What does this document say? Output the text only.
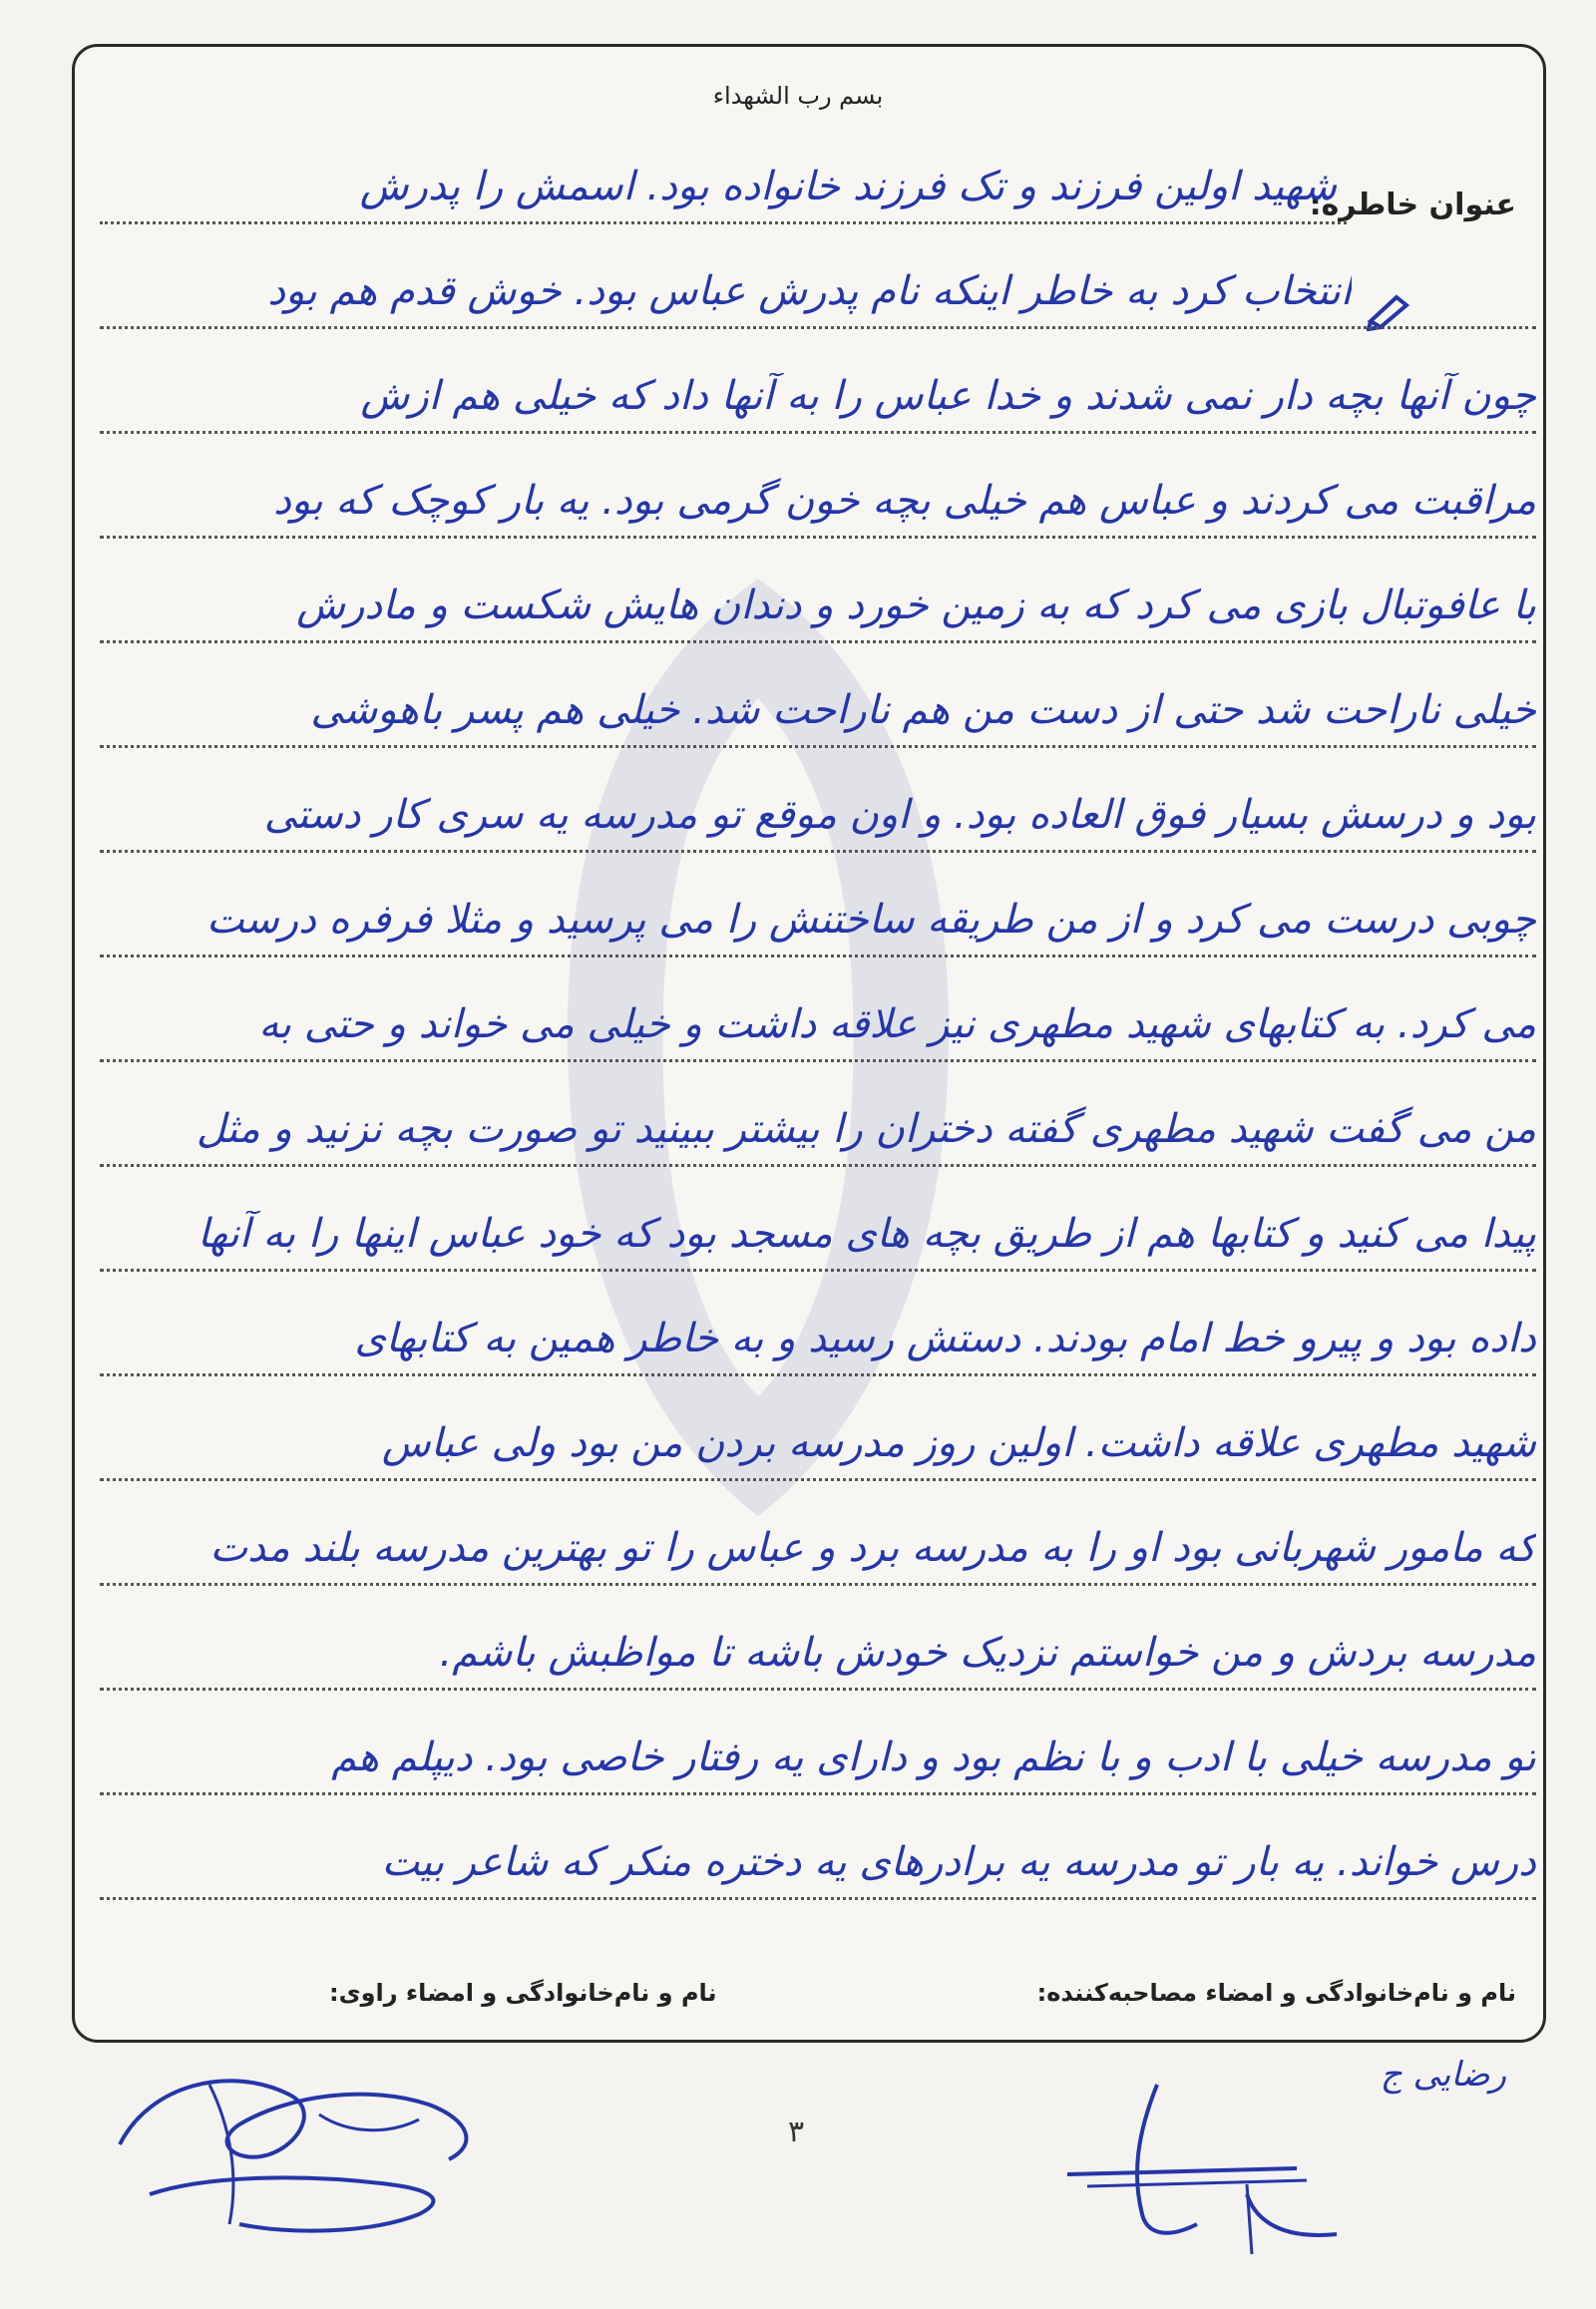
بسم رب الشهداء
عنوان خاطره:
شهید اولین فرزند و تک فرزند خانواده بود. اسمش را پدرش
انتخاب کرد به خاطر اینکه نام پدرش عباس بود. خوش قدم هم بود
چون آنها بچه دار نمی شدند و خدا عباس را به آنها داد که خیلی هم ازش
مراقبت می کردند و عباس هم خیلی بچه خون گرمی بود. یه بار کوچک که بود
با عافوتبال بازی می کرد که به زمین خورد و دندان هایش شکست و مادرش
خیلی ناراحت شد حتی از دست من هم ناراحت شد. خیلی هم پسر باهوشی
بود و درسش بسیار فوق العاده بود. و اون موقع تو مدرسه یه سری کار دستی
چوبی درست می کرد و از من طریقه ساختنش را می پرسید و مثلا فرفره درست
می کرد. به کتابهای شهید مطهری نیز علاقه داشت و خیلی می خواند و حتی به
من می گفت شهید مطهری گفته دختران را بیشتر ببینید تو صورت بچه نزنید و مثل
پیدا می کنید و کتابها هم از طریق بچه های مسجد بود که خود عباس اینها را به آنها
داده بود و پیرو خط امام بودند. دستش رسید و به خاطر همین به کتابهای
شهید مطهری علاقه داشت. اولین روز مدرسه بردن من بود ولی عباس
که مامور شهربانی بود او را به مدرسه برد و عباس را تو بهترین مدرسه بلند مدت
مدرسه بردش و من خواستم نزدیک خودش باشه تا مواظبش باشم.
تو مدرسه خیلی با ادب و با نظم بود و دارای یه رفتار خاصی بود. دیپلم هم
درس خواند. یه بار تو مدرسه یه برادرهای یه دختره منکر که شاعر بیت
نام و نام‌خانوادگی و امضاء مصاحبه‌کننده:
نام و نام‌خانوادگی و امضاء راوی:
۳
رضایی ج
